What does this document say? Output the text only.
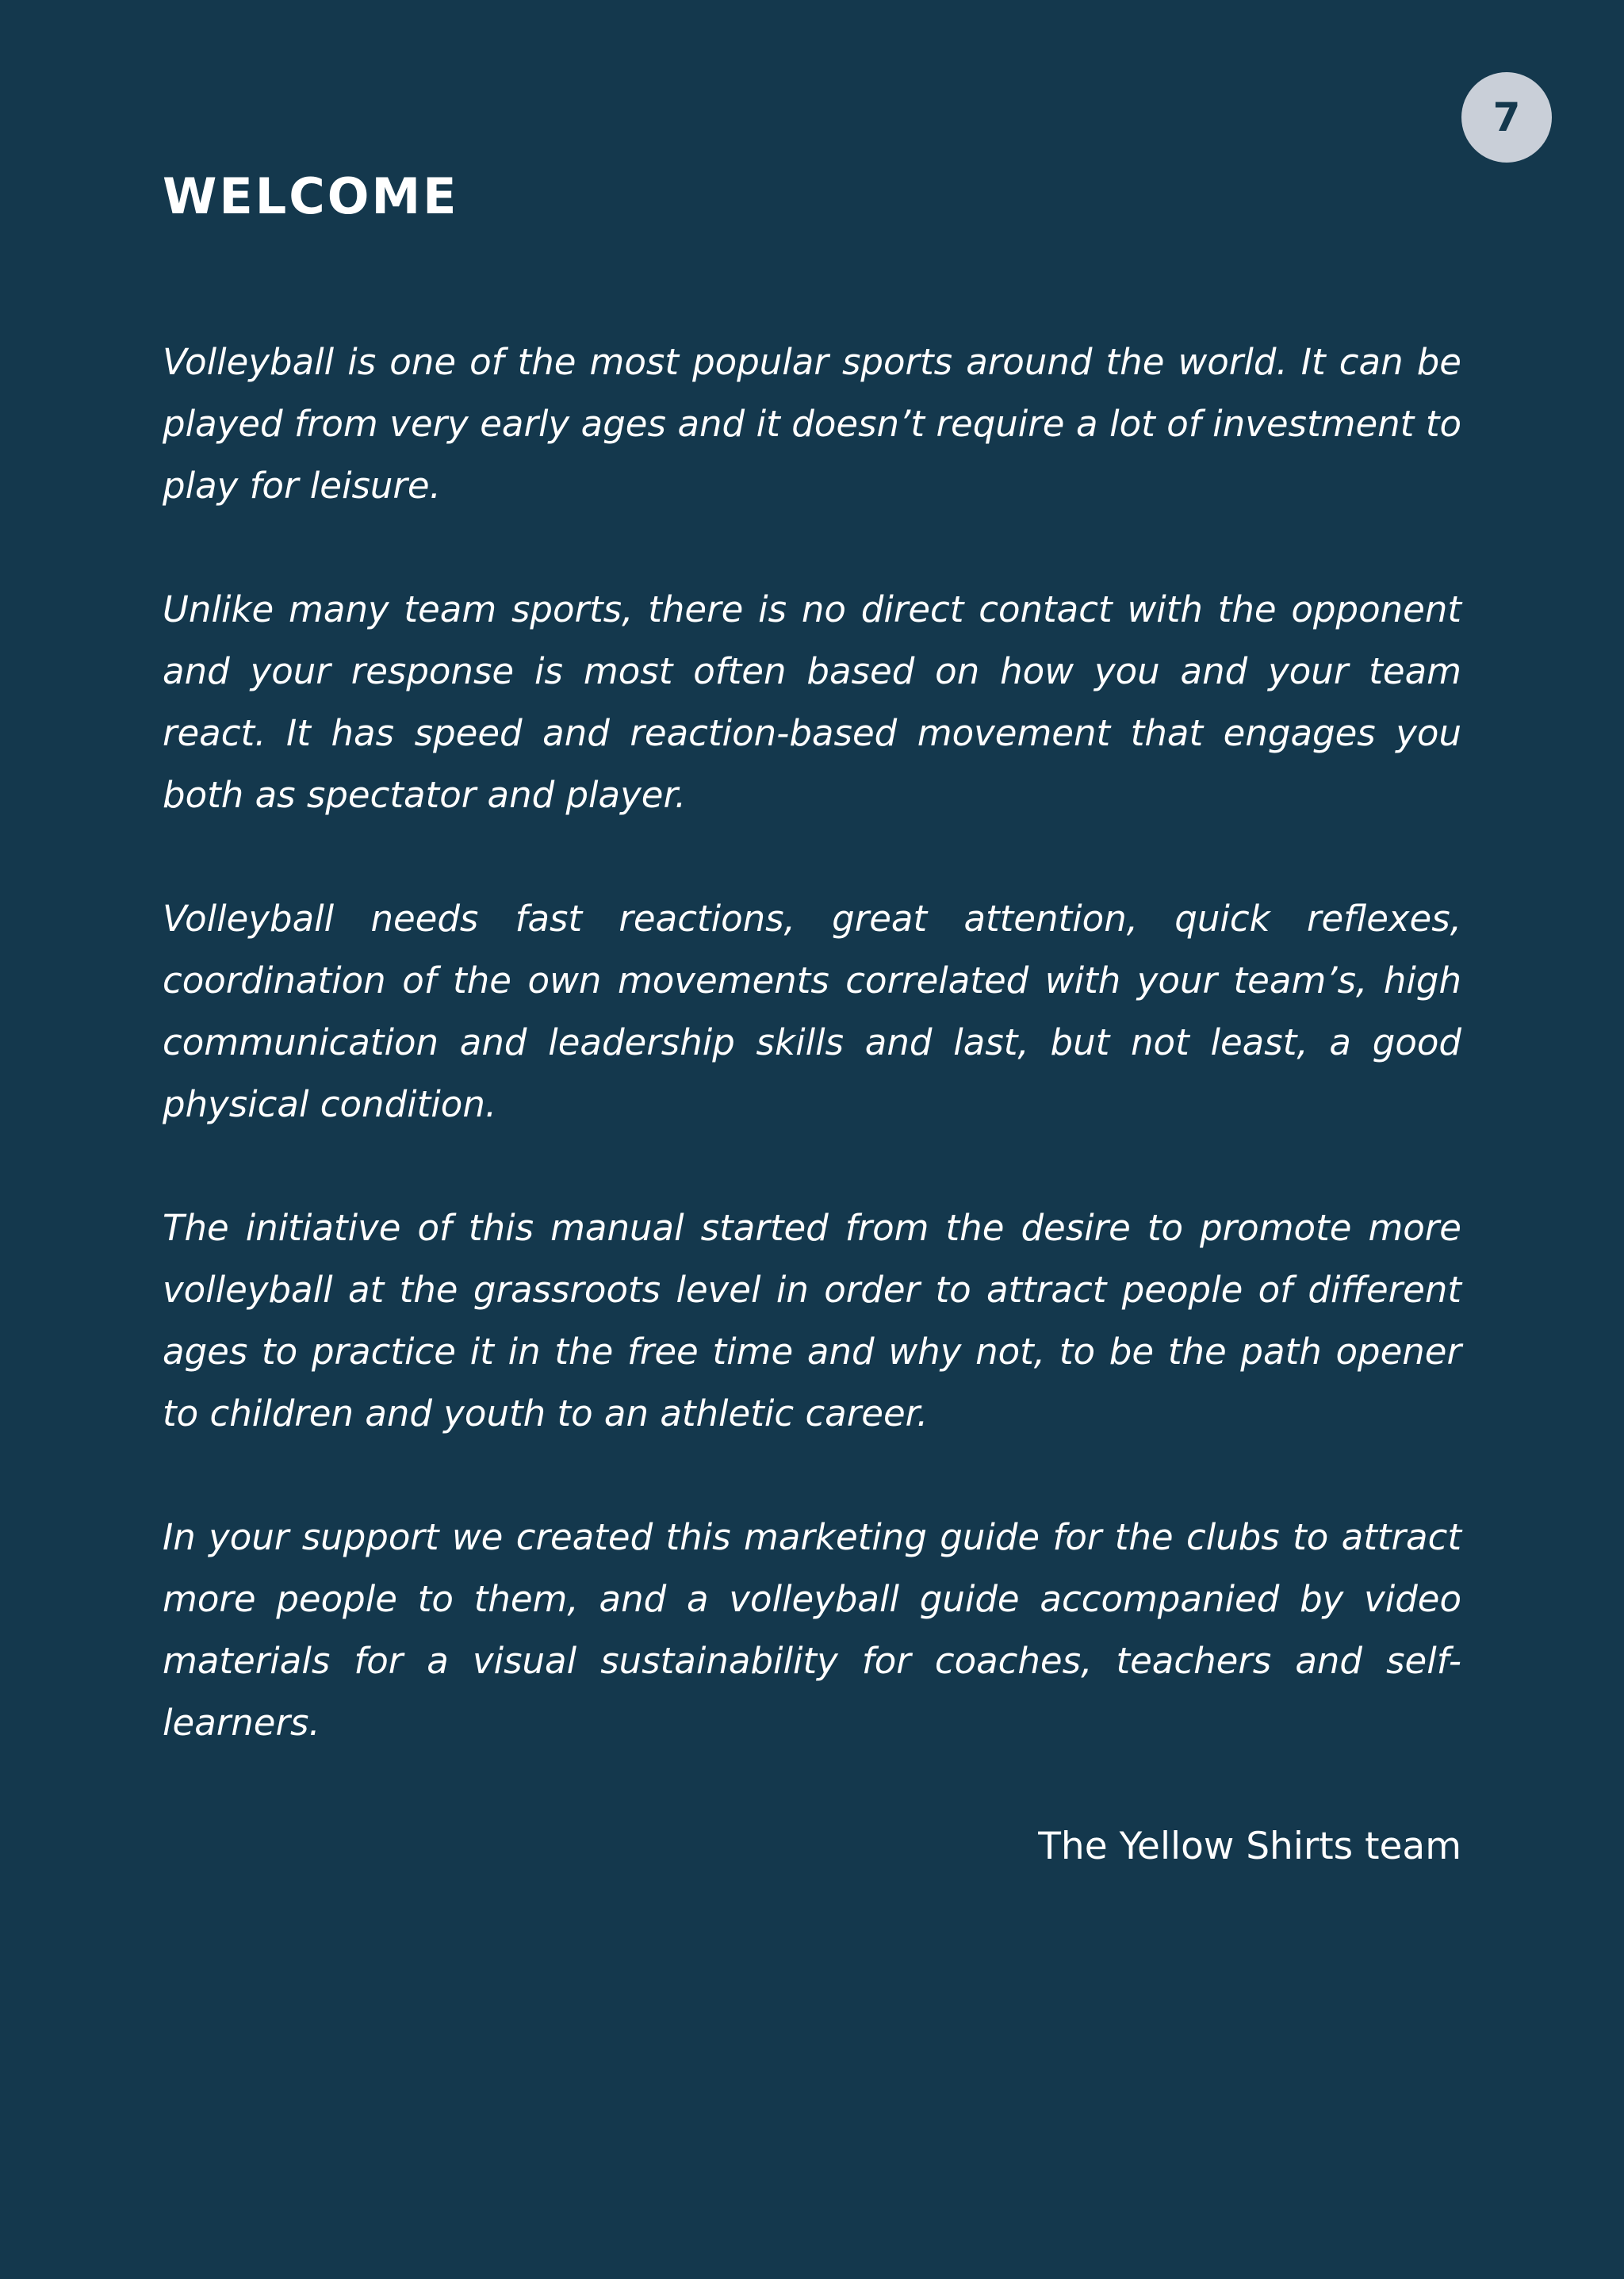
7
WELCOME

Volleyball is one of the most popular sports around the world. It can be played from very early ages and it doesn’t require a lot of investment to play for leisure.

Unlike many team sports, there is no direct contact with the opponent and your response is most often based on how you and your team react. It has speed and reaction-based movement that engages you both as spectator and player.

Volleyball needs fast reactions, great attention, quick reflexes, coordination of the own movements correlated with your team’s, high communication and leadership skills and last, but not least, a good physical condition.

The initiative of this manual started from the desire to promote more volleyball at the grassroots level in order to attract people of different ages to practice it in the free time and why not, to be the path opener to children and youth to an athletic career.

In your support we created this marketing guide for the clubs to attract more people to them, and a volleyball guide accompanied by video materials for a visual sustainability for coaches, teachers and self-learners.

The Yellow Shirts team
